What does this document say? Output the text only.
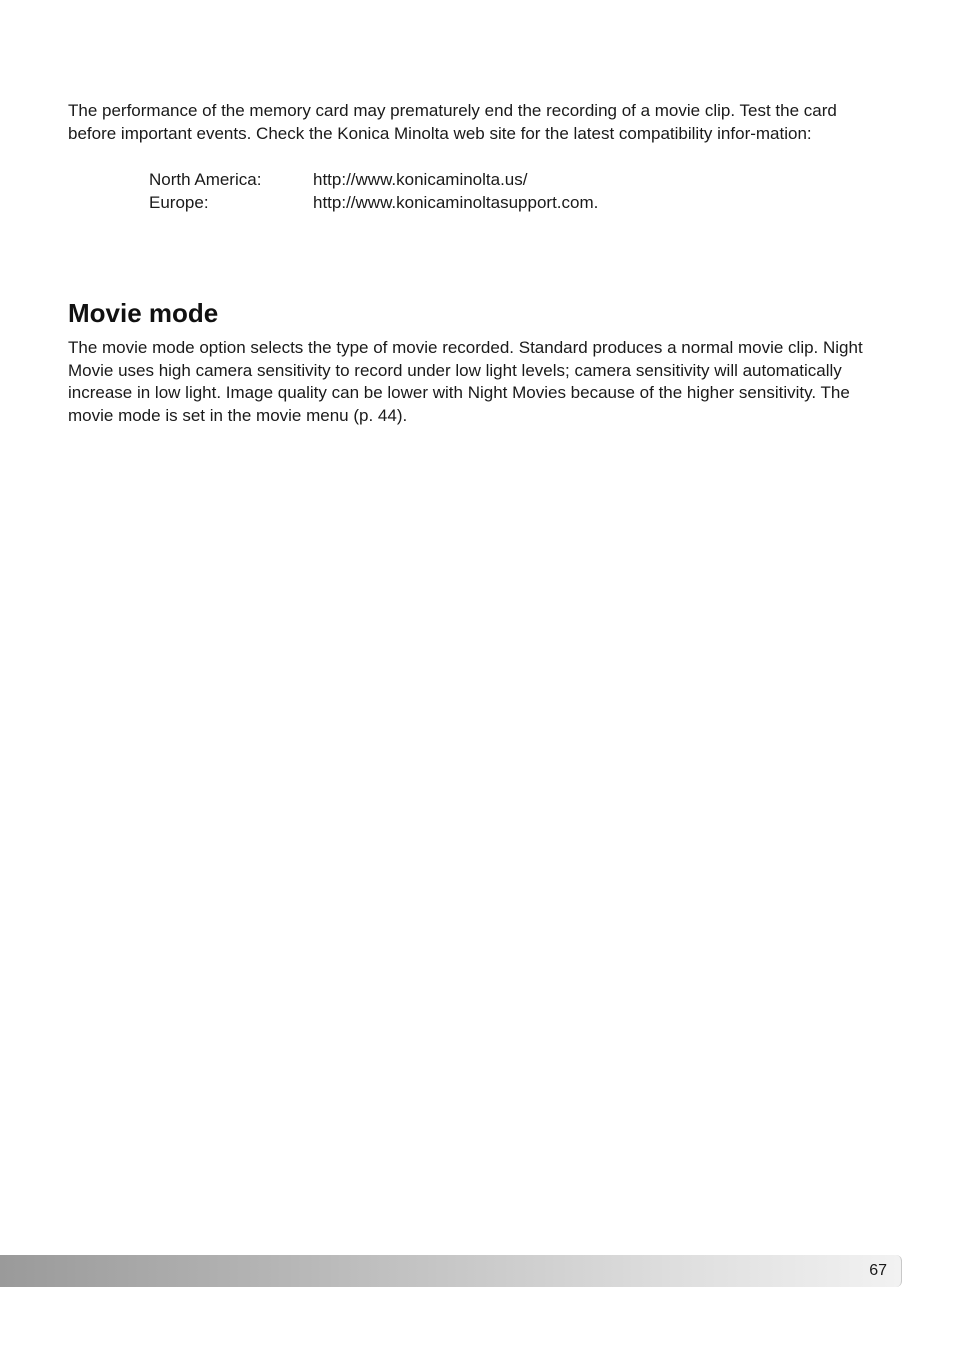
The performance of the memory card may prematurely end the recording of a movie clip. Test the card before important events. Check the Konica Minolta web site for the latest compatibility infor-mation:

North America:	http://www.konicaminolta.us/
Europe:	http://www.konicaminoltasupport.com.
Movie mode

The movie mode option selects the type of movie recorded. Standard produces a normal movie clip. Night Movie uses high camera sensitivity to record under low light levels; camera sensitivity will automatically increase in low light. Image quality can be lower with Night Movies because of the higher sensitivity. The movie mode is set in the movie menu (p. 44).

67
